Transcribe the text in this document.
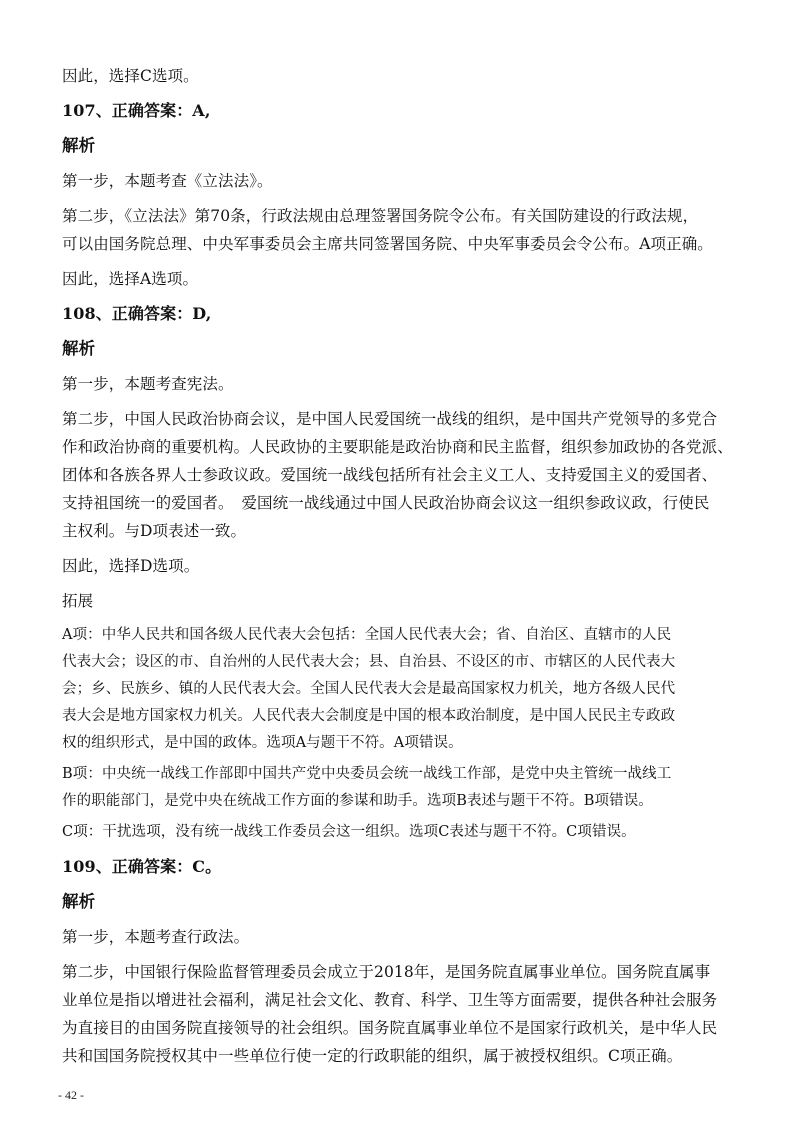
因此，选择C选项。

107、正确答案：A,

解析

第一步，本题考查《立法法》。

第二步，《立法法》第70条，行政法规由总理签署国务院令公布。有关国防建设的行政法规，

可以由国务院总理、中央军事委员会主席共同签署国务院、中央军事委员会令公布。A项正确。

因此，选择A选项。

108、正确答案：D,

解析

第一步，本题考查宪法。

第二步，中国人民政治协商会议，是中国人民爱国统一战线的组织，是中国共产党领导的多党合

作和政治协商的重要机构。人民政协的主要职能是政治协商和民主监督，组织参加政协的各党派、

团体和各族各界人士参政议政。爱国统一战线包括所有社会主义工人、支持爱国主义的爱国者、

支持祖国统一的爱国者。　爱国统一战线通过中国人民政治协商会议这一组织参政议政，行使民

主权利。与D项表述一致。

因此，选择D选项。

拓展

A项：中华人民共和国各级人民代表大会包括：全国人民代表大会；省、自治区、直辖市的人民

代表大会；设区的市、自治州的人民代表大会；县、自治县、不设区的市、市辖区的人民代表大

会；乡、民族乡、镇的人民代表大会。全国人民代表大会是最高国家权力机关，地方各级人民代

表大会是地方国家权力机关。人民代表大会制度是中国的根本政治制度，是中国人民民主专政政

权的组织形式，是中国的政体。选项A与题干不符。A项错误。

B项：中央统一战线工作部即中国共产党中央委员会统一战线工作部，是党中央主管统一战线工

作的职能部门，是党中央在统战工作方面的参谋和助手。选项B表述与题干不符。B项错误。

C项：干扰选项，没有统一战线工作委员会这一组织。选项C表述与题干不符。C项错误。

109、正确答案：C。

解析

第一步，本题考查行政法。

第二步，中国银行保险监督管理委员会成立于2018年，是国务院直属事业单位。国务院直属事

业单位是指以增进社会福利，满足社会文化、教育、科学、卫生等方面需要，提供各种社会服务

为直接目的由国务院直接领导的社会组织。国务院直属事业单位不是国家行政机关，是中华人民

共和国国务院授权其中一些单位行使一定的行政职能的组织，属于被授权组织。C项正确。

- 42 -
